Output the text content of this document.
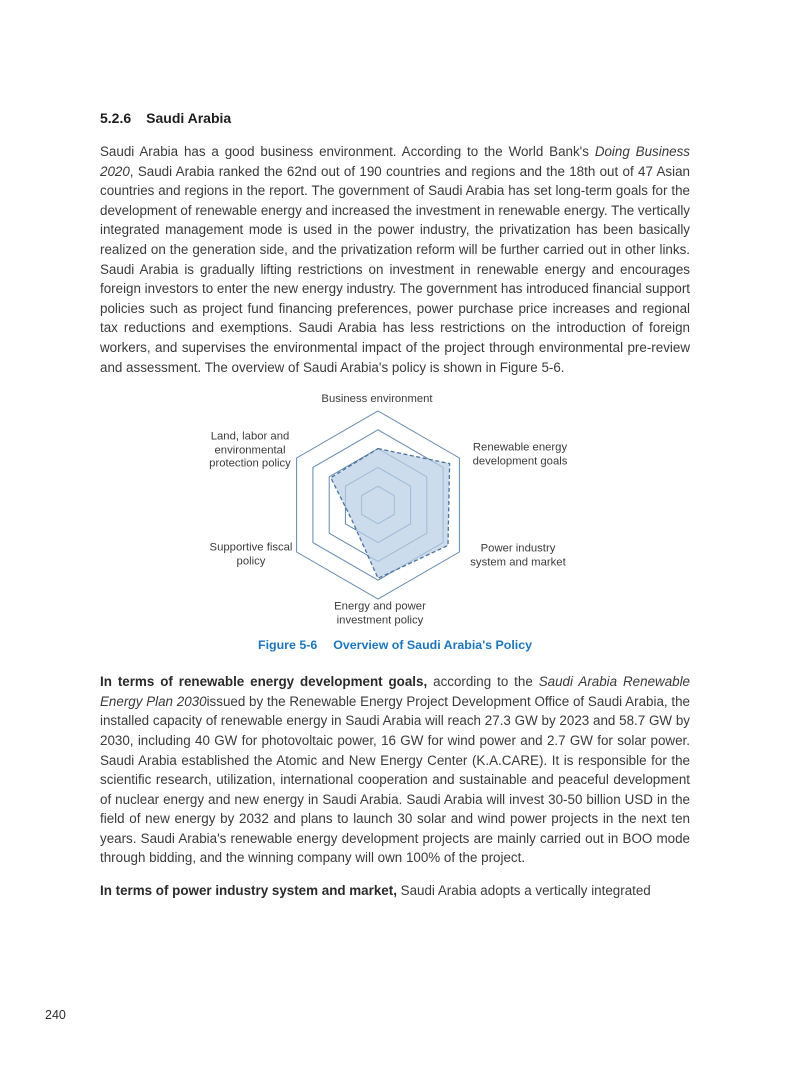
5.2.6 Saudi Arabia

Saudi Arabia has a good business environment. According to the World Bank's Doing Business 2020, Saudi Arabia ranked the 62nd out of 190 countries and regions and the 18th out of 47 Asian countries and regions in the report. The government of Saudi Arabia has set long-term goals for the development of renewable energy and increased the investment in renewable energy. The vertically integrated management mode is used in the power industry, the privatization has been basically realized on the generation side, and the privatization reform will be further carried out in other links. Saudi Arabia is gradually lifting restrictions on investment in renewable energy and encourages foreign investors to enter the new energy industry. The government has introduced financial support policies such as project fund financing preferences, power purchase price increases and regional tax reductions and exemptions. Saudi Arabia has less restrictions on the introduction of foreign workers, and supervises the environmental impact of the project through environmental pre-review and assessment. The overview of Saudi Arabia's policy is shown in Figure 5-6.

Business environment
Renewable energy
development goals
Power industry
system and market
Energy and power
investment policy
Supportive fiscal
policy
Land, labor and
environmental
protection policy
Figure 5-6 Overview of Saudi Arabia's Policy

In terms of renewable energy development goals, according to the Saudi Arabia Renewable Energy Plan 2030issued by the Renewable Energy Project Development Office of Saudi Arabia, the installed capacity of renewable energy in Saudi Arabia will reach 27.3 GW by 2023 and 58.7 GW by 2030, including 40 GW for photovoltaic power, 16 GW for wind power and 2.7 GW for solar power. Saudi Arabia established the Atomic and New Energy Center (K.A.CARE). It is responsible for the scientific research, utilization, international cooperation and sustainable and peaceful development of nuclear energy and new energy in Saudi Arabia. Saudi Arabia will invest 30-50 billion USD in the field of new energy by 2032 and plans to launch 30 solar and wind power projects in the next ten years. Saudi Arabia's renewable energy development projects are mainly carried out in BOO mode through bidding, and the winning company will own 100% of the project.

In terms of power industry system and market, Saudi Arabia adopts a vertically integrated

240
